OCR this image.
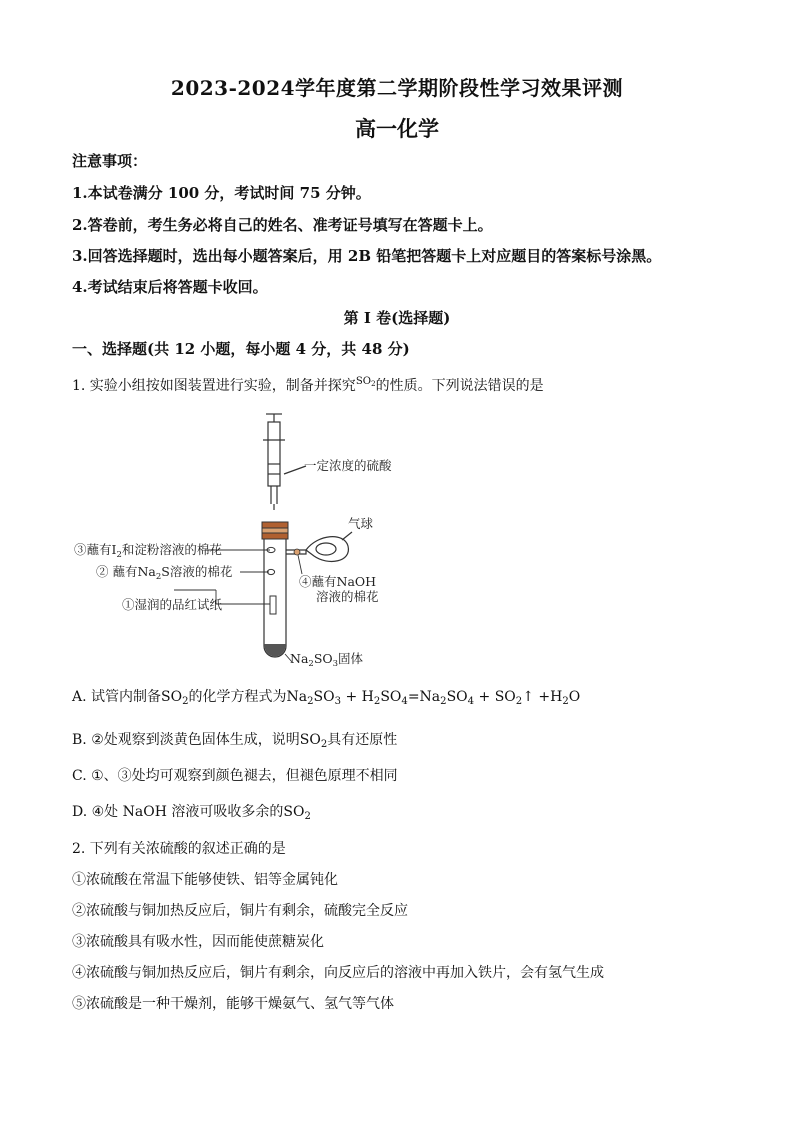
2023-2024学年度第二学期阶段性学习效果评测
高一化学
注意事项：
1.本试卷满分 100 分，考试时间 75 分钟。
2.答卷前，考生务必将自己的姓名、准考证号填写在答题卡上。
3.回答选择题时，选出每小题答案后，用 2B 铅笔把答题卡上对应题目的答案标号涂黑。
4.考试结束后将答题卡收回。
第 I 卷(选择题)
一、选择题(共 12 小题，每小题 4 分，共 48 分)
1. 实验小组按如图装置进行实验，制备并探究$^{SO_2}$的性质。下列说法错误的是
一定浓度的硫酸
气球
③蘸有$I_2$和淀粉溶液的棉花
② 蘸有$Na_2S$溶液的棉花
①湿润的品红试纸
④蘸有NaOH
溶液的棉花
$Na_2SO_3$固体
A. 试管内制备$SO_2$的化学方程式为$Na_2SO_3 + H_2SO_4=Na_2SO_4$ + $SO_2↑ +H_2O$
B. ②处观察到淡黄色固体生成，说明$SO_2$具有还原性
C. ①、③处均可观察到颜色褪去，但褪色原理不相同
D. ④处 NaOH 溶液可吸收多余的$SO_2$
2. 下列有关浓硫酸的叙述正确的是
①浓硫酸在常温下能够使铁、铝等金属钝化
②浓硫酸与铜加热反应后，铜片有剩余，硫酸完全反应
③浓硫酸具有吸水性，因而能使蔗糖炭化
④浓硫酸与铜加热反应后，铜片有剩余，向反应后的溶液中再加入铁片，会有氢气生成
⑤浓硫酸是一种干燥剂，能够干燥氨气、氢气等气体
